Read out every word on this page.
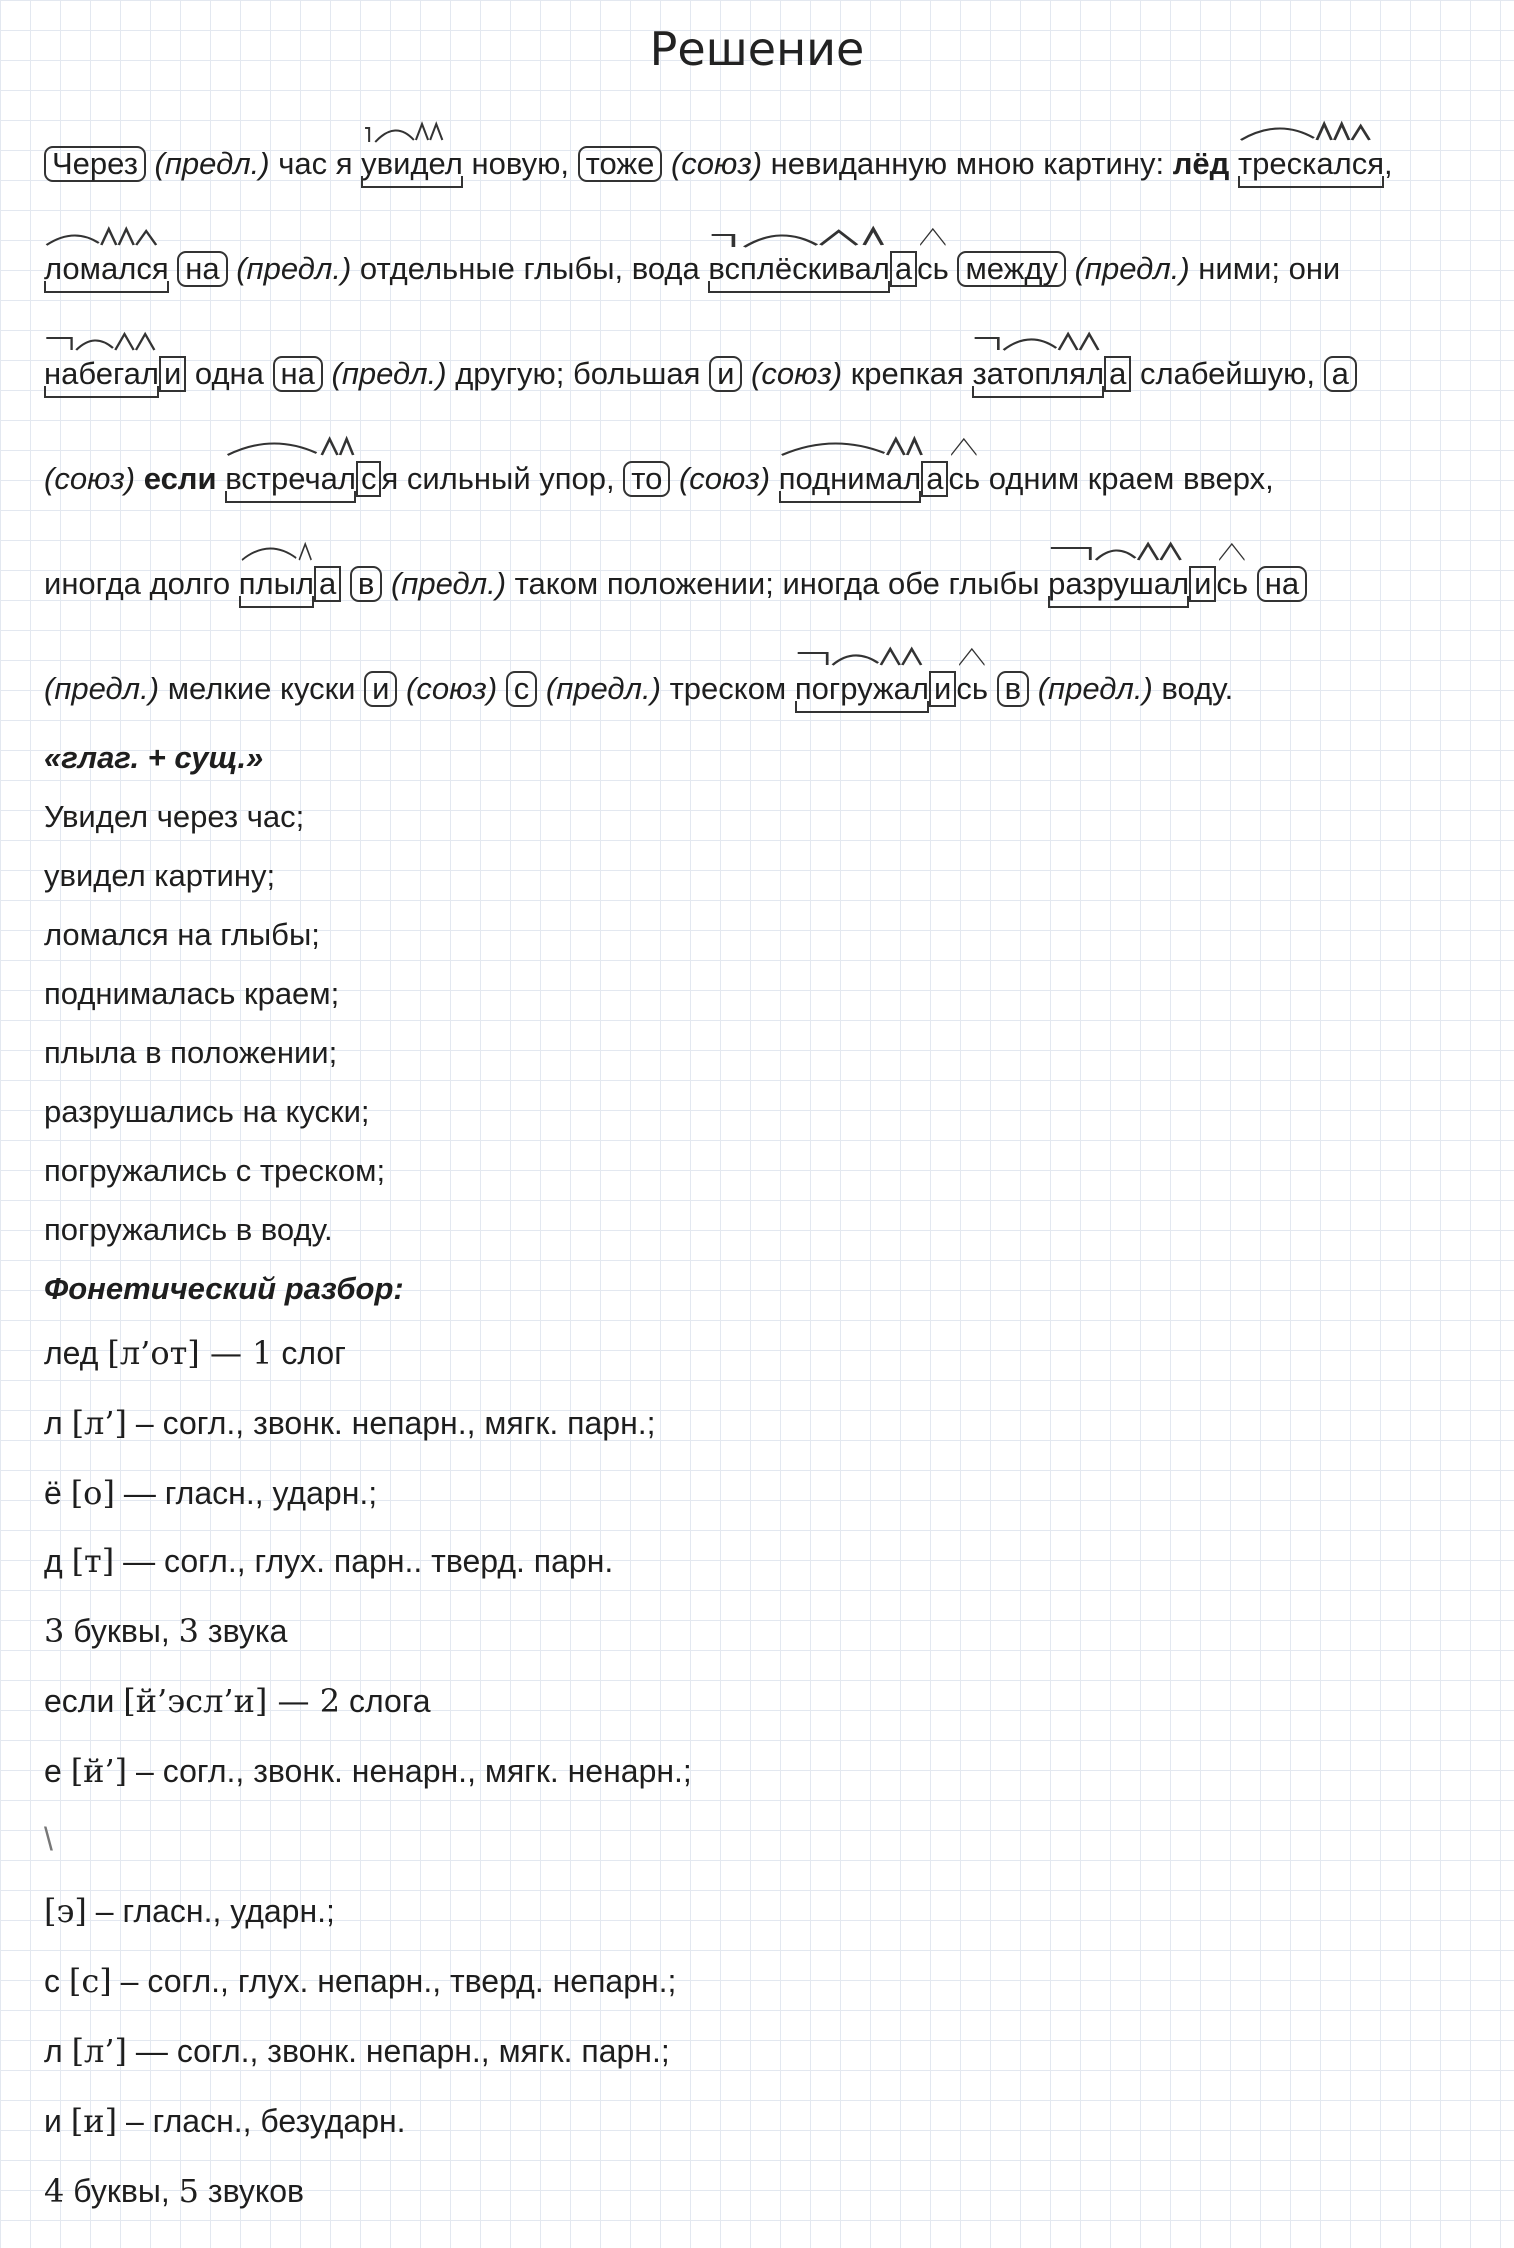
Решение
Через (предл.) час я
увидел
новую, тоже (союз) невиданную мною картину: лёд трескался
,
ломался на (предл.) отдельные глыбы, вода
всплёскивал а сь между (предл.) ними; они
набегал и одна на (предл.) другую; большая и (союз) крепкая
затоплял а слабейшую, а
(союз) если встречал с я сильный упор, то (союз) поднимал а сь одним краем вверх,
иногда долго
плыл а в (предл.) таком положении; иногда обе глыбы
разрушал и сь на
(предл.) мелкие куски и (союз) с (предл.) треском
погружал и сь в (предл.) воду.
«глаг. + сущ.»
Увидел через час;
увидел картину;
ломался на глыбы;
поднималась краем;
плыла в положении;
разрушались на куски;
погружались с треском;
погружались в воду.
Фонетический разбор:
лед [л’от] — 1 слог
л [л’] – согл., звонк. непарн., мягк. парн.;
ё [о] — гласн., ударн.;
д [т] — согл., глух. парн.. тверд. парн.
3 буквы, 3 звука
если [й’эсл’и] — 2 слога
е [й’] – согл., звонк. ненарн., мягк. ненарн.;
\
[э] – гласн., ударн.;
с [с] – согл., глух. непарн., тверд. непарн.;
л [л’] — согл., звонк. непарн., мягк. парн.;
и [и] – гласн., безударн.
4 буквы, 5 звуков
